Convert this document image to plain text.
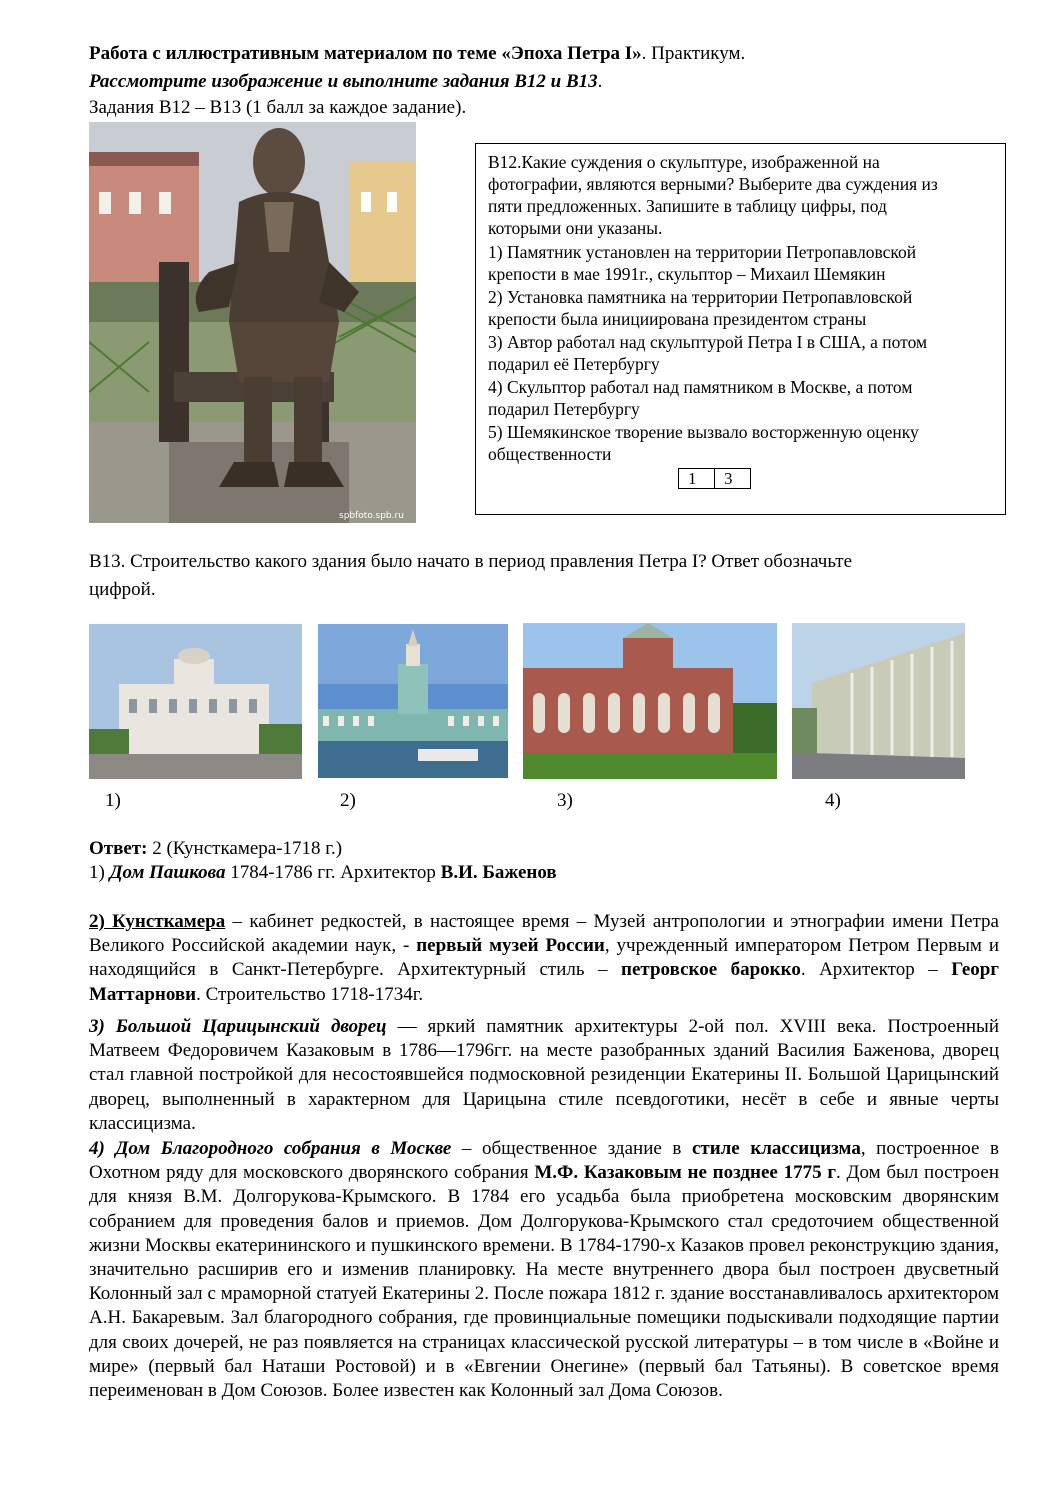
Работа с иллюстративным материалом по теме «Эпоха Петра I». Практикум.
Рассмотрите изображение и выполните задания В12 и В13.
Задания В12 – В13 (1 балл за каждое задание).
spbfoto.spb.ru
В12.Какие суждения о скульптуре, изображенной на
фотографии, являются верными? Выберите два суждения из
пяти предложенных. Запишите в таблицу цифры, под
которыми они указаны.
1) Памятник установлен на территории Петропавловской
крепости в мае 1991г., скульптор – Михаил Шемякин
2) Установка памятника на территории Петропавловской
крепости была инициирована президентом страны
3) Автор работал над скульптурой Петра I в США, а потом
подарил её Петербургу
4) Скульптор работал над памятником в Москве, а потом
подарил Петербургу
5) Шемякинское творение вызвало восторженную оценку
общественности
1	3
В13. Строительство какого здания было начато в период правления Петра I? Ответ обозначьте
цифрой.
1)	2)	3)	4)
Ответ: 2 (Кунсткамера-1718 г.)
1) Дом Пашкова 1784-1786 гг. Архитектор В.И. Баженов

2) Кунсткамера – кабинет редкостей, в настоящее время – Музей антропологии и этнографии имени Петра Великого Российской академии наук, - первый музей России, учрежденный императором Петром Первым и находящийся в Санкт-Петербурге. Архитектурный стиль – петровское барокко. Архитектор – Георг Маттарнови. Строительство 1718-1734г.

3) Большой Царицынский дворец — яркий памятник архитектуры 2-ой пол. XVIII века. Построенный Матвеем Федоровичем Казаковым в 1786—1796гг. на месте разобранных зданий Василия Баженова, дворец стал главной постройкой для несостоявшейся подмосковной резиденции Екатерины II. Большой Царицынский дворец, выполненный в характерном для Царицына стиле псевдоготики, несёт в себе и явные черты классицизма.

4) Дом Благородного собрания в Москве – общественное здание в стиле классицизма, построенное в Охотном ряду для московского дворянского собрания М.Ф. Казаковым не позднее 1775 г. Дом был построен для князя В.М. Долгорукова-Крымского. В 1784 его усадьба была приобретена московским дворянским собранием для проведения балов и приемов. Дом Долгорукова-Крымского стал средоточием общественной жизни Москвы екатерининского и пушкинского времени. В 1784-1790-х Казаков провел реконструкцию здания, значительно расширив его и изменив планировку. На месте внутреннего двора был построен двусветный Колонный зал с мраморной статуей Екатерины 2. После пожара 1812 г. здание восстанавливалось архитектором А.Н. Бакаревым. Зал благородного собрания, где провинциальные помещики подыскивали подходящие партии для своих дочерей, не раз появляется на страницах классической русской литературы – в том числе в «Войне и мире» (первый бал Наташи Ростовой) и в «Евгении Онегине» (первый бал Татьяны). В советское время переименован в Дом Союзов. Более известен как Колонный зал Дома Союзов.
